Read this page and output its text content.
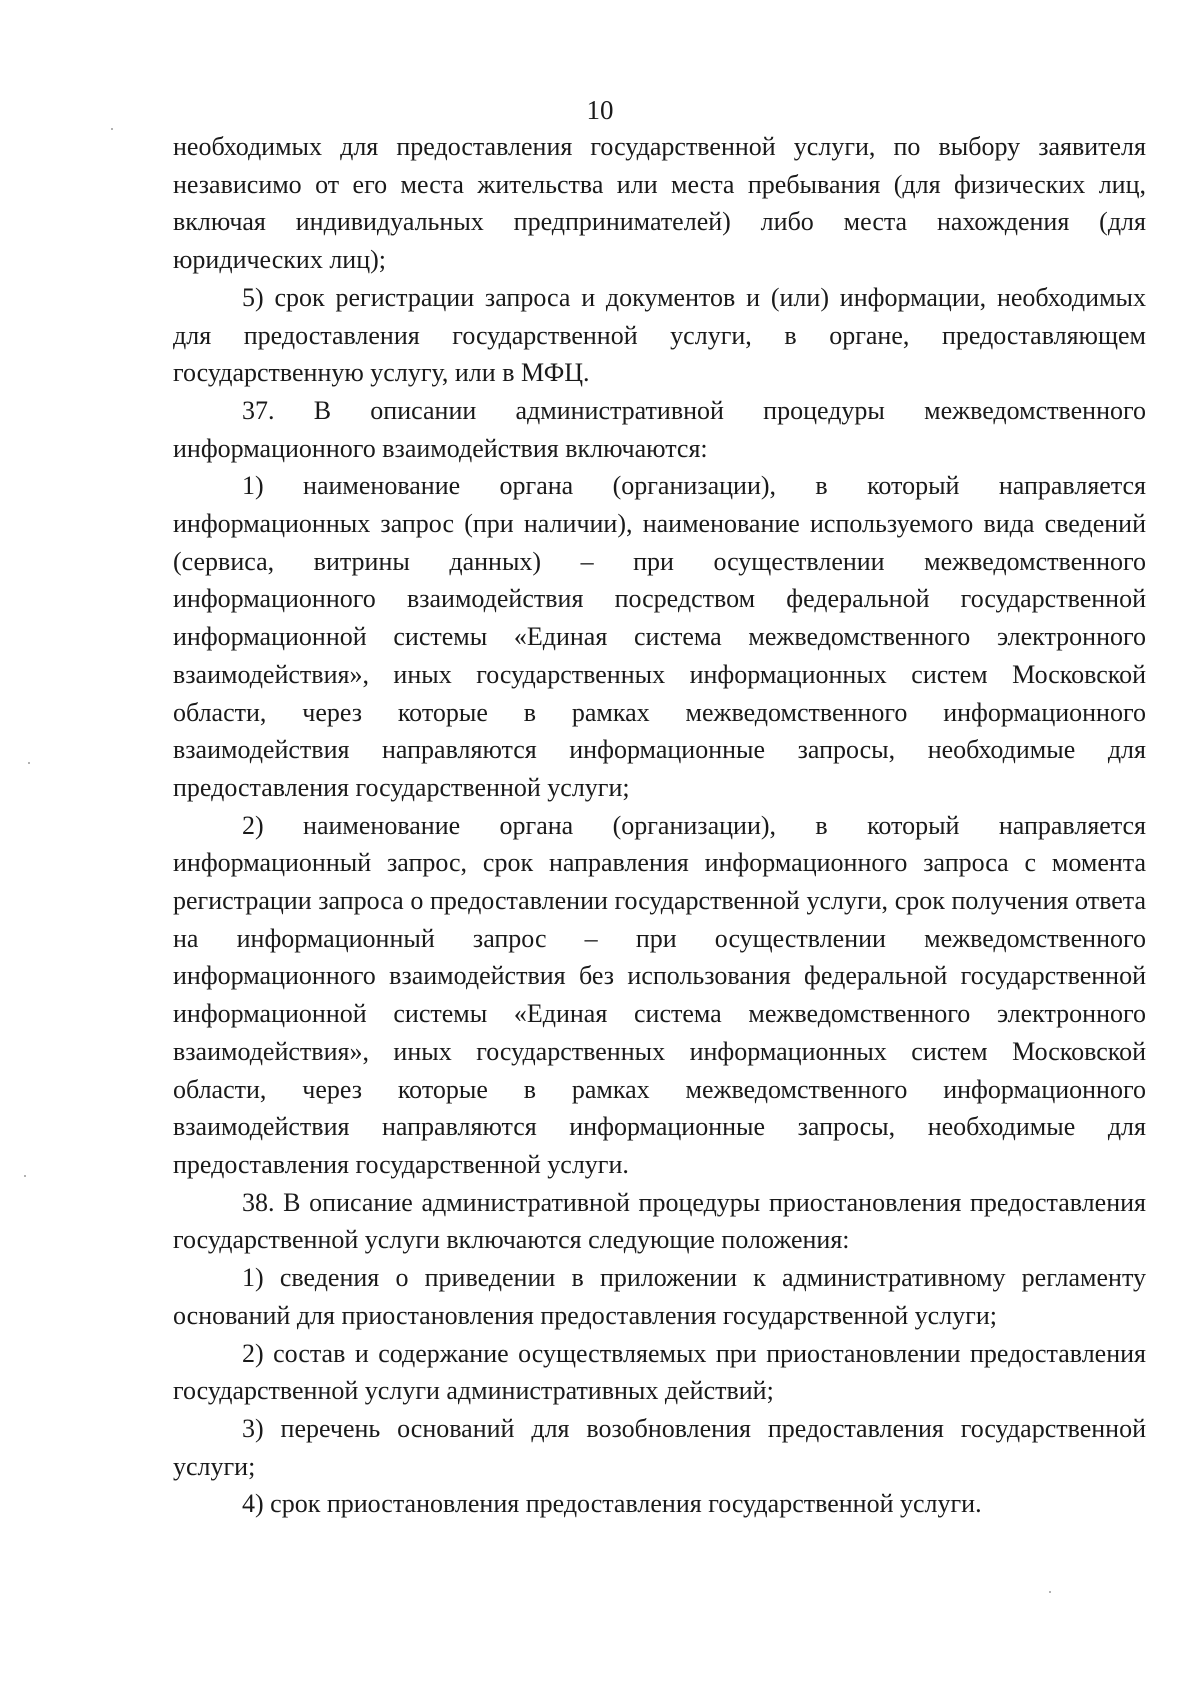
10

необходимых для предоставления государственной услуги, по выбору заявителя независимо от его места жительства или места пребывания (для физических лиц, включая индивидуальных предпринимателей) либо места нахождения (для юридических лиц);

5) срок регистрации запроса и документов и (или) информации, необходимых для предоставления государственной услуги, в органе, предоставляющем государственную услугу, или в МФЦ.

37. В описании административной процедуры межведомственного информационного взаимодействия включаются:

1) наименование органа (организации), в который направляется информационных запрос (при наличии), наименование используемого вида сведений (сервиса, витрины данных) – при осуществлении межведомственного информационного взаимодействия посредством федеральной государственной информационной системы «Единая система межведомственного электронного взаимодействия», иных государственных информационных систем Московской области, через которые в рамках межведомственного информационного взаимодействия направляются информационные запросы, необходимые для предоставления государственной услуги;

2) наименование органа (организации), в который направляется информационный запрос, срок направления информационного запроса с момента регистрации запроса о предоставлении государственной услуги, срок получения ответа на информационный запрос – при осуществлении межведомственного информационного взаимодействия без использования федеральной государственной информационной системы «Единая система межведомственного электронного взаимодействия», иных государственных информационных систем Московской области, через которые в рамках межведомственного информационного взаимодействия направляются информационные запросы, необходимые для предоставления государственной услуги.

38. В описание административной процедуры приостановления предоставления государственной услуги включаются следующие положения:

1) сведения о приведении в приложении к административному регламенту оснований для приостановления предоставления государственной услуги;

2) состав и содержание осуществляемых при приостановлении предоставления государственной услуги административных действий;

3) перечень оснований для возобновления предоставления государственной услуги;

4) срок приостановления предоставления государственной услуги.
